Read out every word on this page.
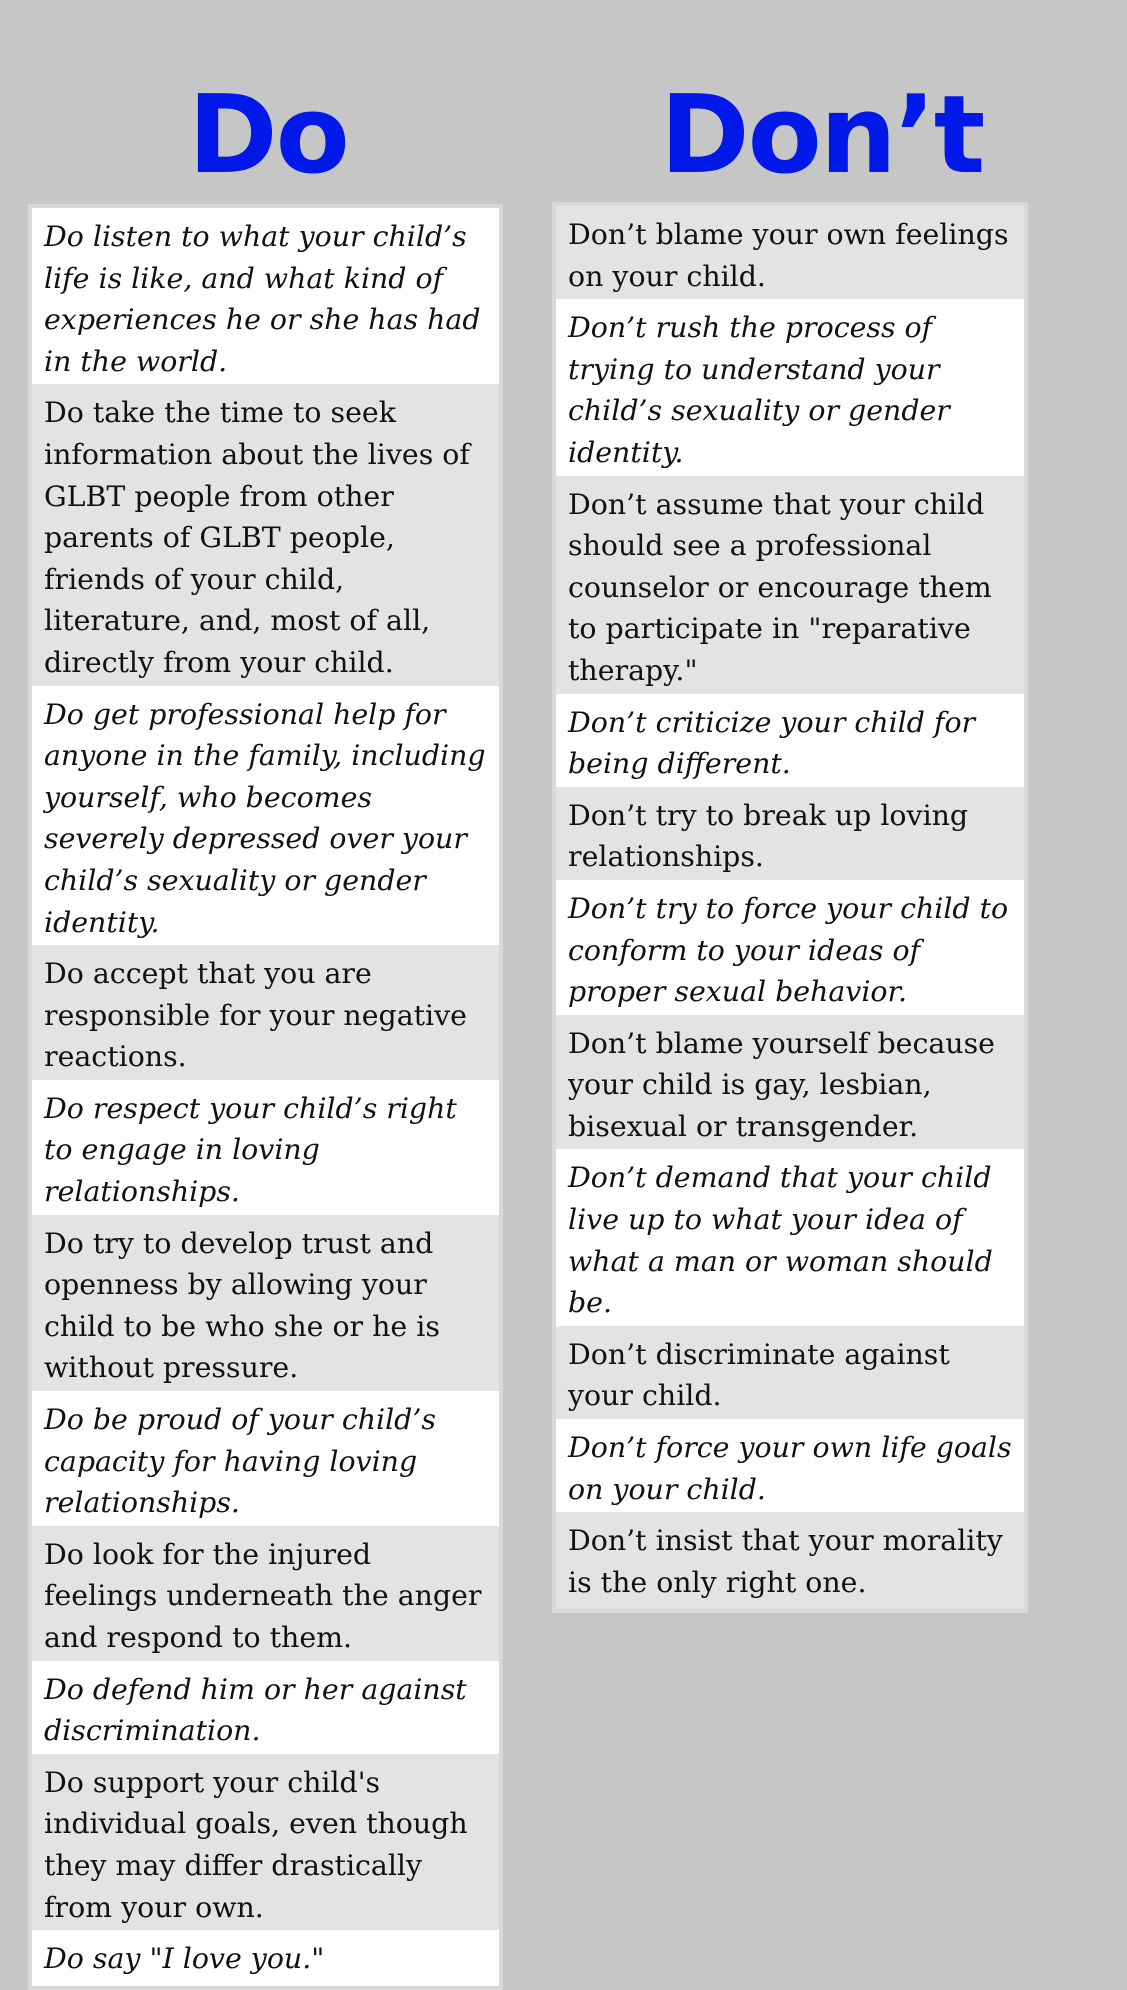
Do	Don’t
Do listen to what your child’s life is like, and what kind of experiences he or she has had in the world.
Do take the time to seek information about the lives of GLBT people from other parents of GLBT people, friends of your child, literature, and, most of all, directly from your child.
Do get professional help for anyone in the family, including yourself, who becomes severely depressed over your child’s sexuality or gender identity.
Do accept that you are responsible for your negative reactions.
Do respect your child’s right to engage in loving relationships.
Do try to develop trust and openness by allowing your child to be who she or he is without pressure.
Do be proud of your child’s capacity for having loving relationships.
Do look for the injured feelings underneath the anger and respond to them.
Do defend him or her against discrimination.
Do support your child's individual goals, even though they may differ drastically from your own.
Do say "I love you."
Don’t blame your own feelings on your child.
Don’t rush the process of trying to understand your child’s sexuality or gender identity.
Don’t assume that your child should see a professional counselor or encourage them to participate in "reparative therapy."
Don’t criticize your child for being different.
Don’t try to break up loving relationships.
Don’t try to force your child to conform to your ideas of proper sexual behavior.
Don’t blame yourself because your child is gay, lesbian, bisexual or transgender.
Don’t demand that your child live up to what your idea of what a man or woman should be.
Don’t discriminate against your child.
Don’t force your own life goals on your child.
Don’t insist that your morality is the only right one.
